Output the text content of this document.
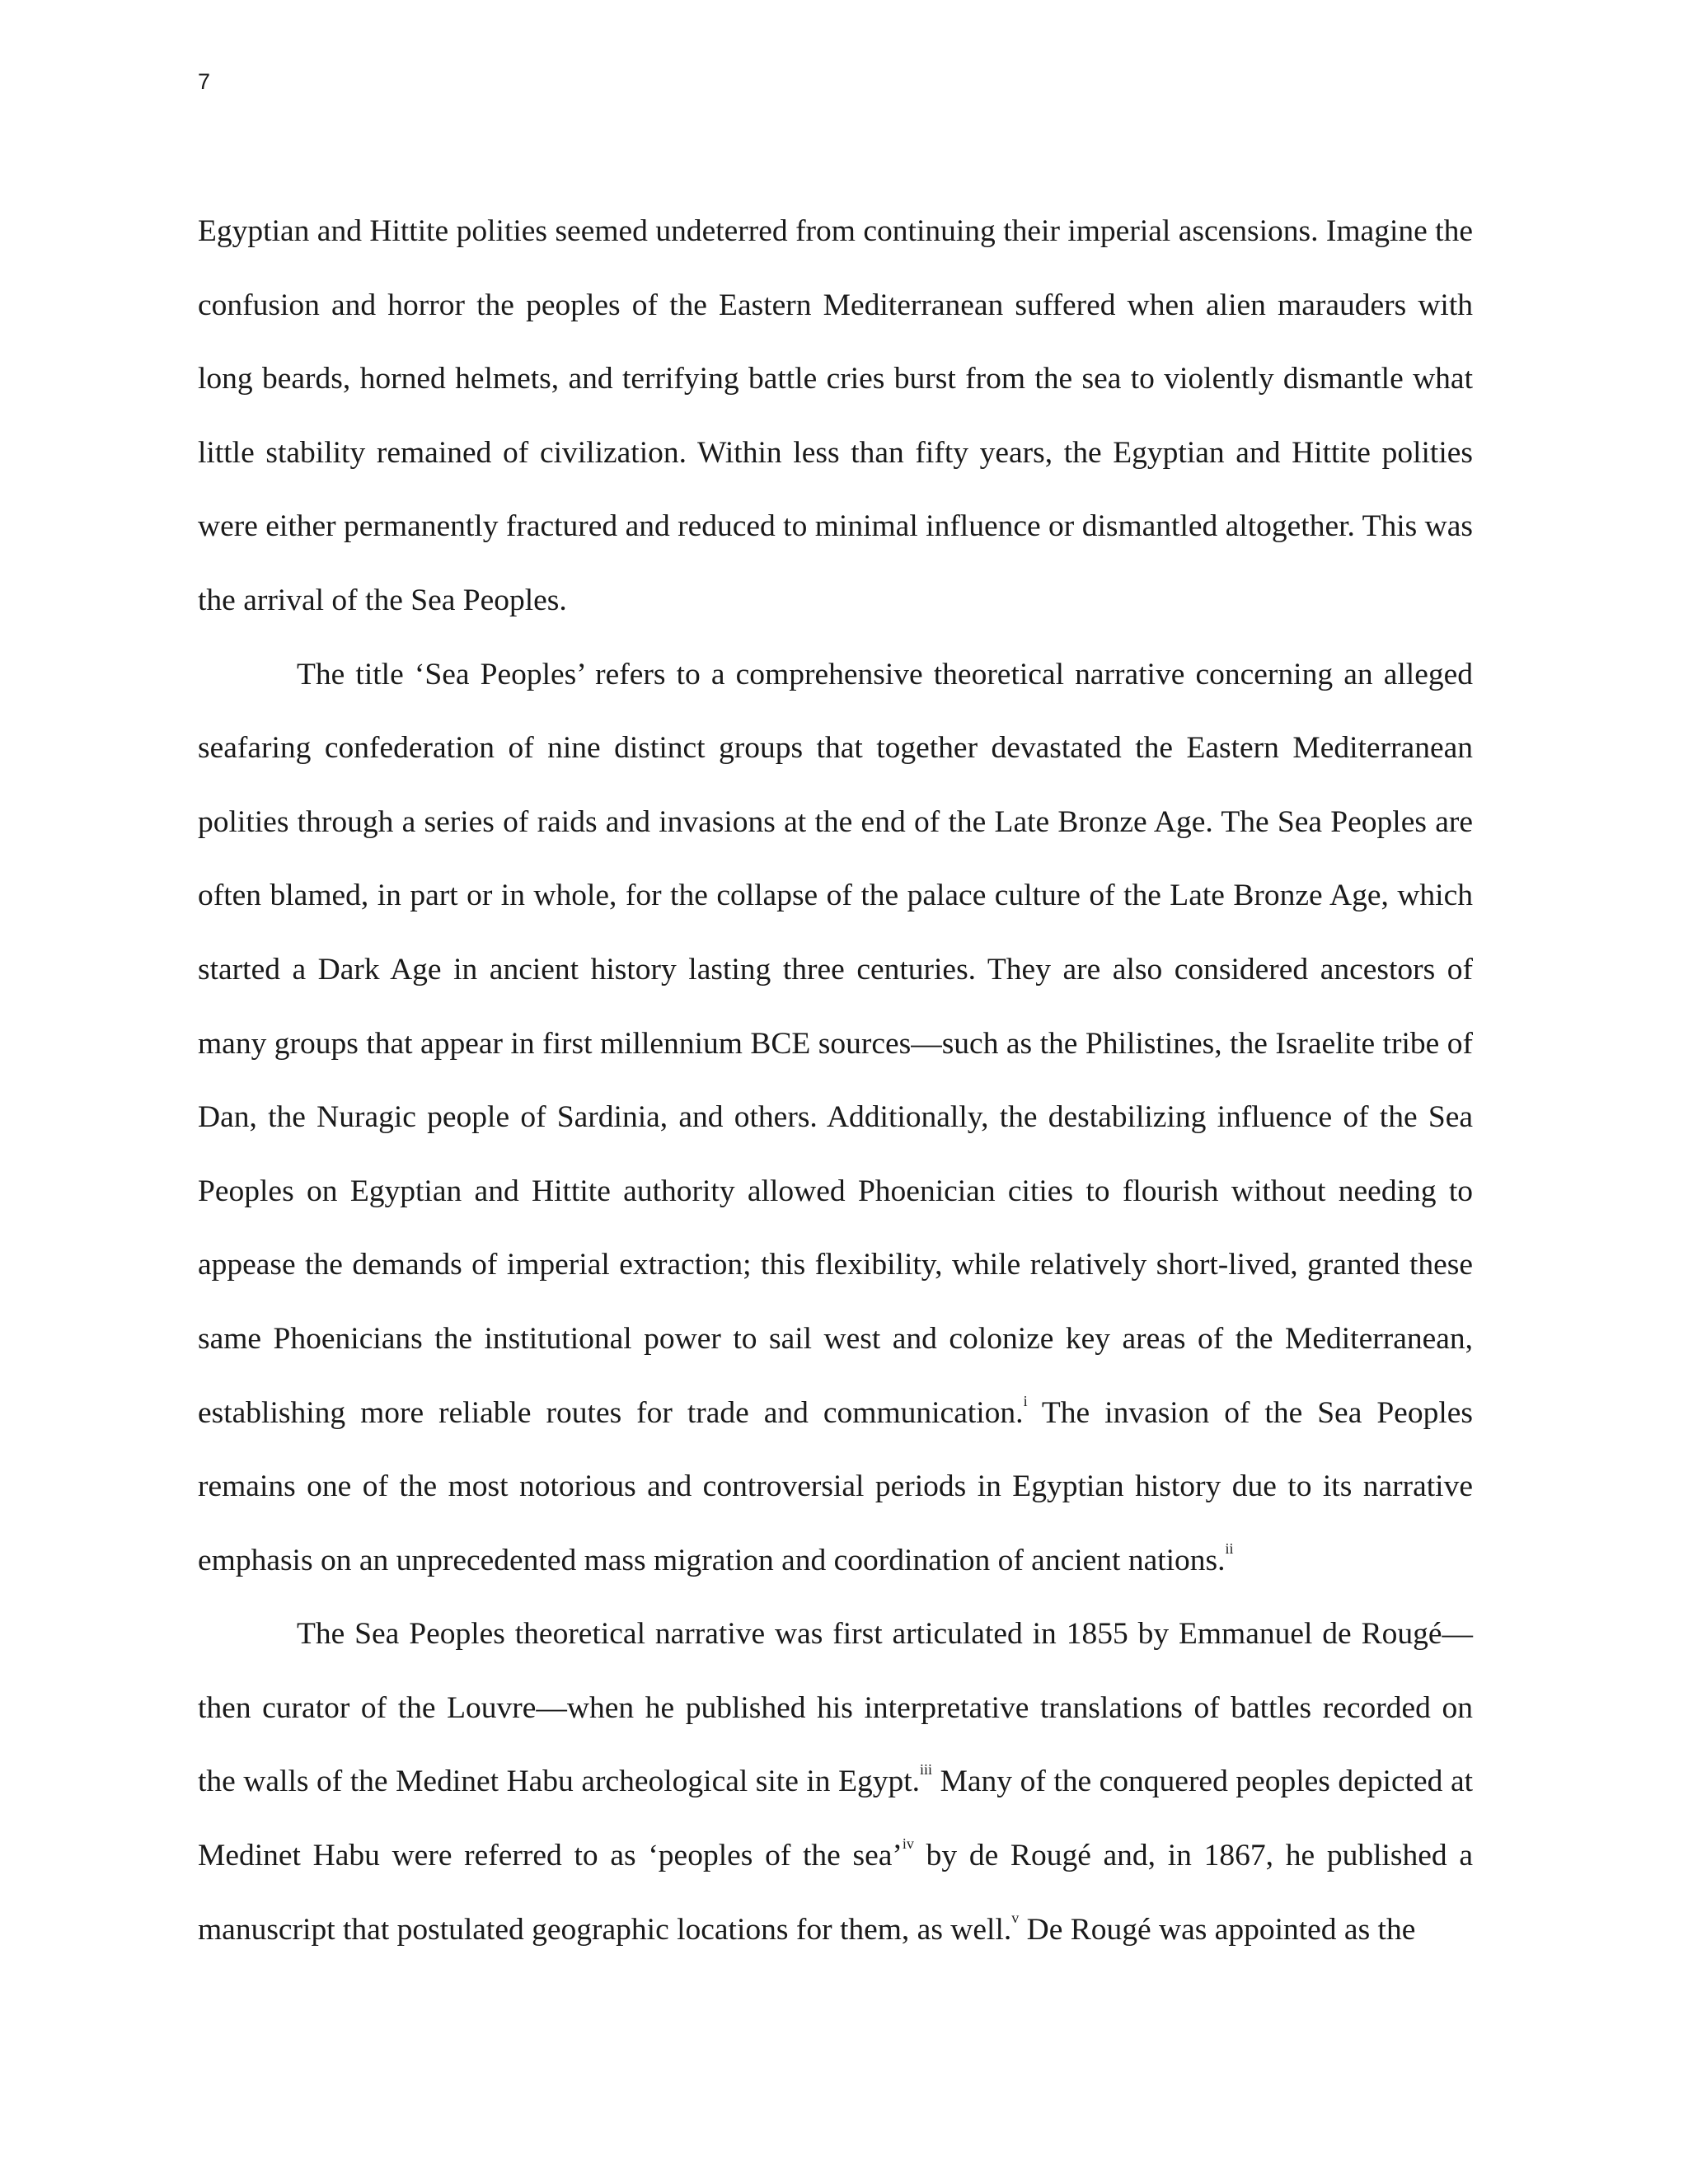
7

Egyptian and Hittite polities seemed undeterred from continuing their imperial ascensions. Imagine the confusion and horror the peoples of the Eastern Mediterranean suffered when alien marauders with long beards, horned helmets, and terrifying battle cries burst from the sea to violently dismantle what little stability remained of civilization. Within less than fifty years, the Egyptian and Hittite polities were either permanently fractured and reduced to minimal influence or dismantled altogether. This was the arrival of the Sea Peoples.

The title ‘Sea Peoples’ refers to a comprehensive theoretical narrative concerning an alleged seafaring confederation of nine distinct groups that together devastated the Eastern Mediterranean polities through a series of raids and invasions at the end of the Late Bronze Age. The Sea Peoples are often blamed, in part or in whole, for the collapse of the palace culture of the Late Bronze Age, which started a Dark Age in ancient history lasting three centuries. They are also considered ancestors of many groups that appear in first millennium BCE sources—such as the Philistines, the Israelite tribe of Dan, the Nuragic people of Sardinia, and others. Additionally, the destabilizing influence of the Sea Peoples on Egyptian and Hittite authority allowed Phoenician cities to flourish without needing to appease the demands of imperial extraction; this flexibility, while relatively short-lived, granted these same Phoenicians the institutional power to sail west and colonize key areas of the Mediterranean, establishing more reliable routes for trade and communication.$^i$ The invasion of the Sea Peoples remains one of the most notorious and controversial periods in Egyptian history due to its narrative emphasis on an unprecedented mass migration and coordination of ancient nations.$^{ii}$

The Sea Peoples theoretical narrative was first articulated in 1855 by Emmanuel de Rougé—then curator of the Louvre—when he published his interpretative translations of battles recorded on the walls of the Medinet Habu archeological site in Egypt.$^{iii}$ Many of the conquered peoples depicted at Medinet Habu were referred to as ‘peoples of the sea’$^{iv}$ by de Rougé and, in 1867, he published a manuscript that postulated geographic locations for them, as well.$^v$ De Rougé was appointed as the
